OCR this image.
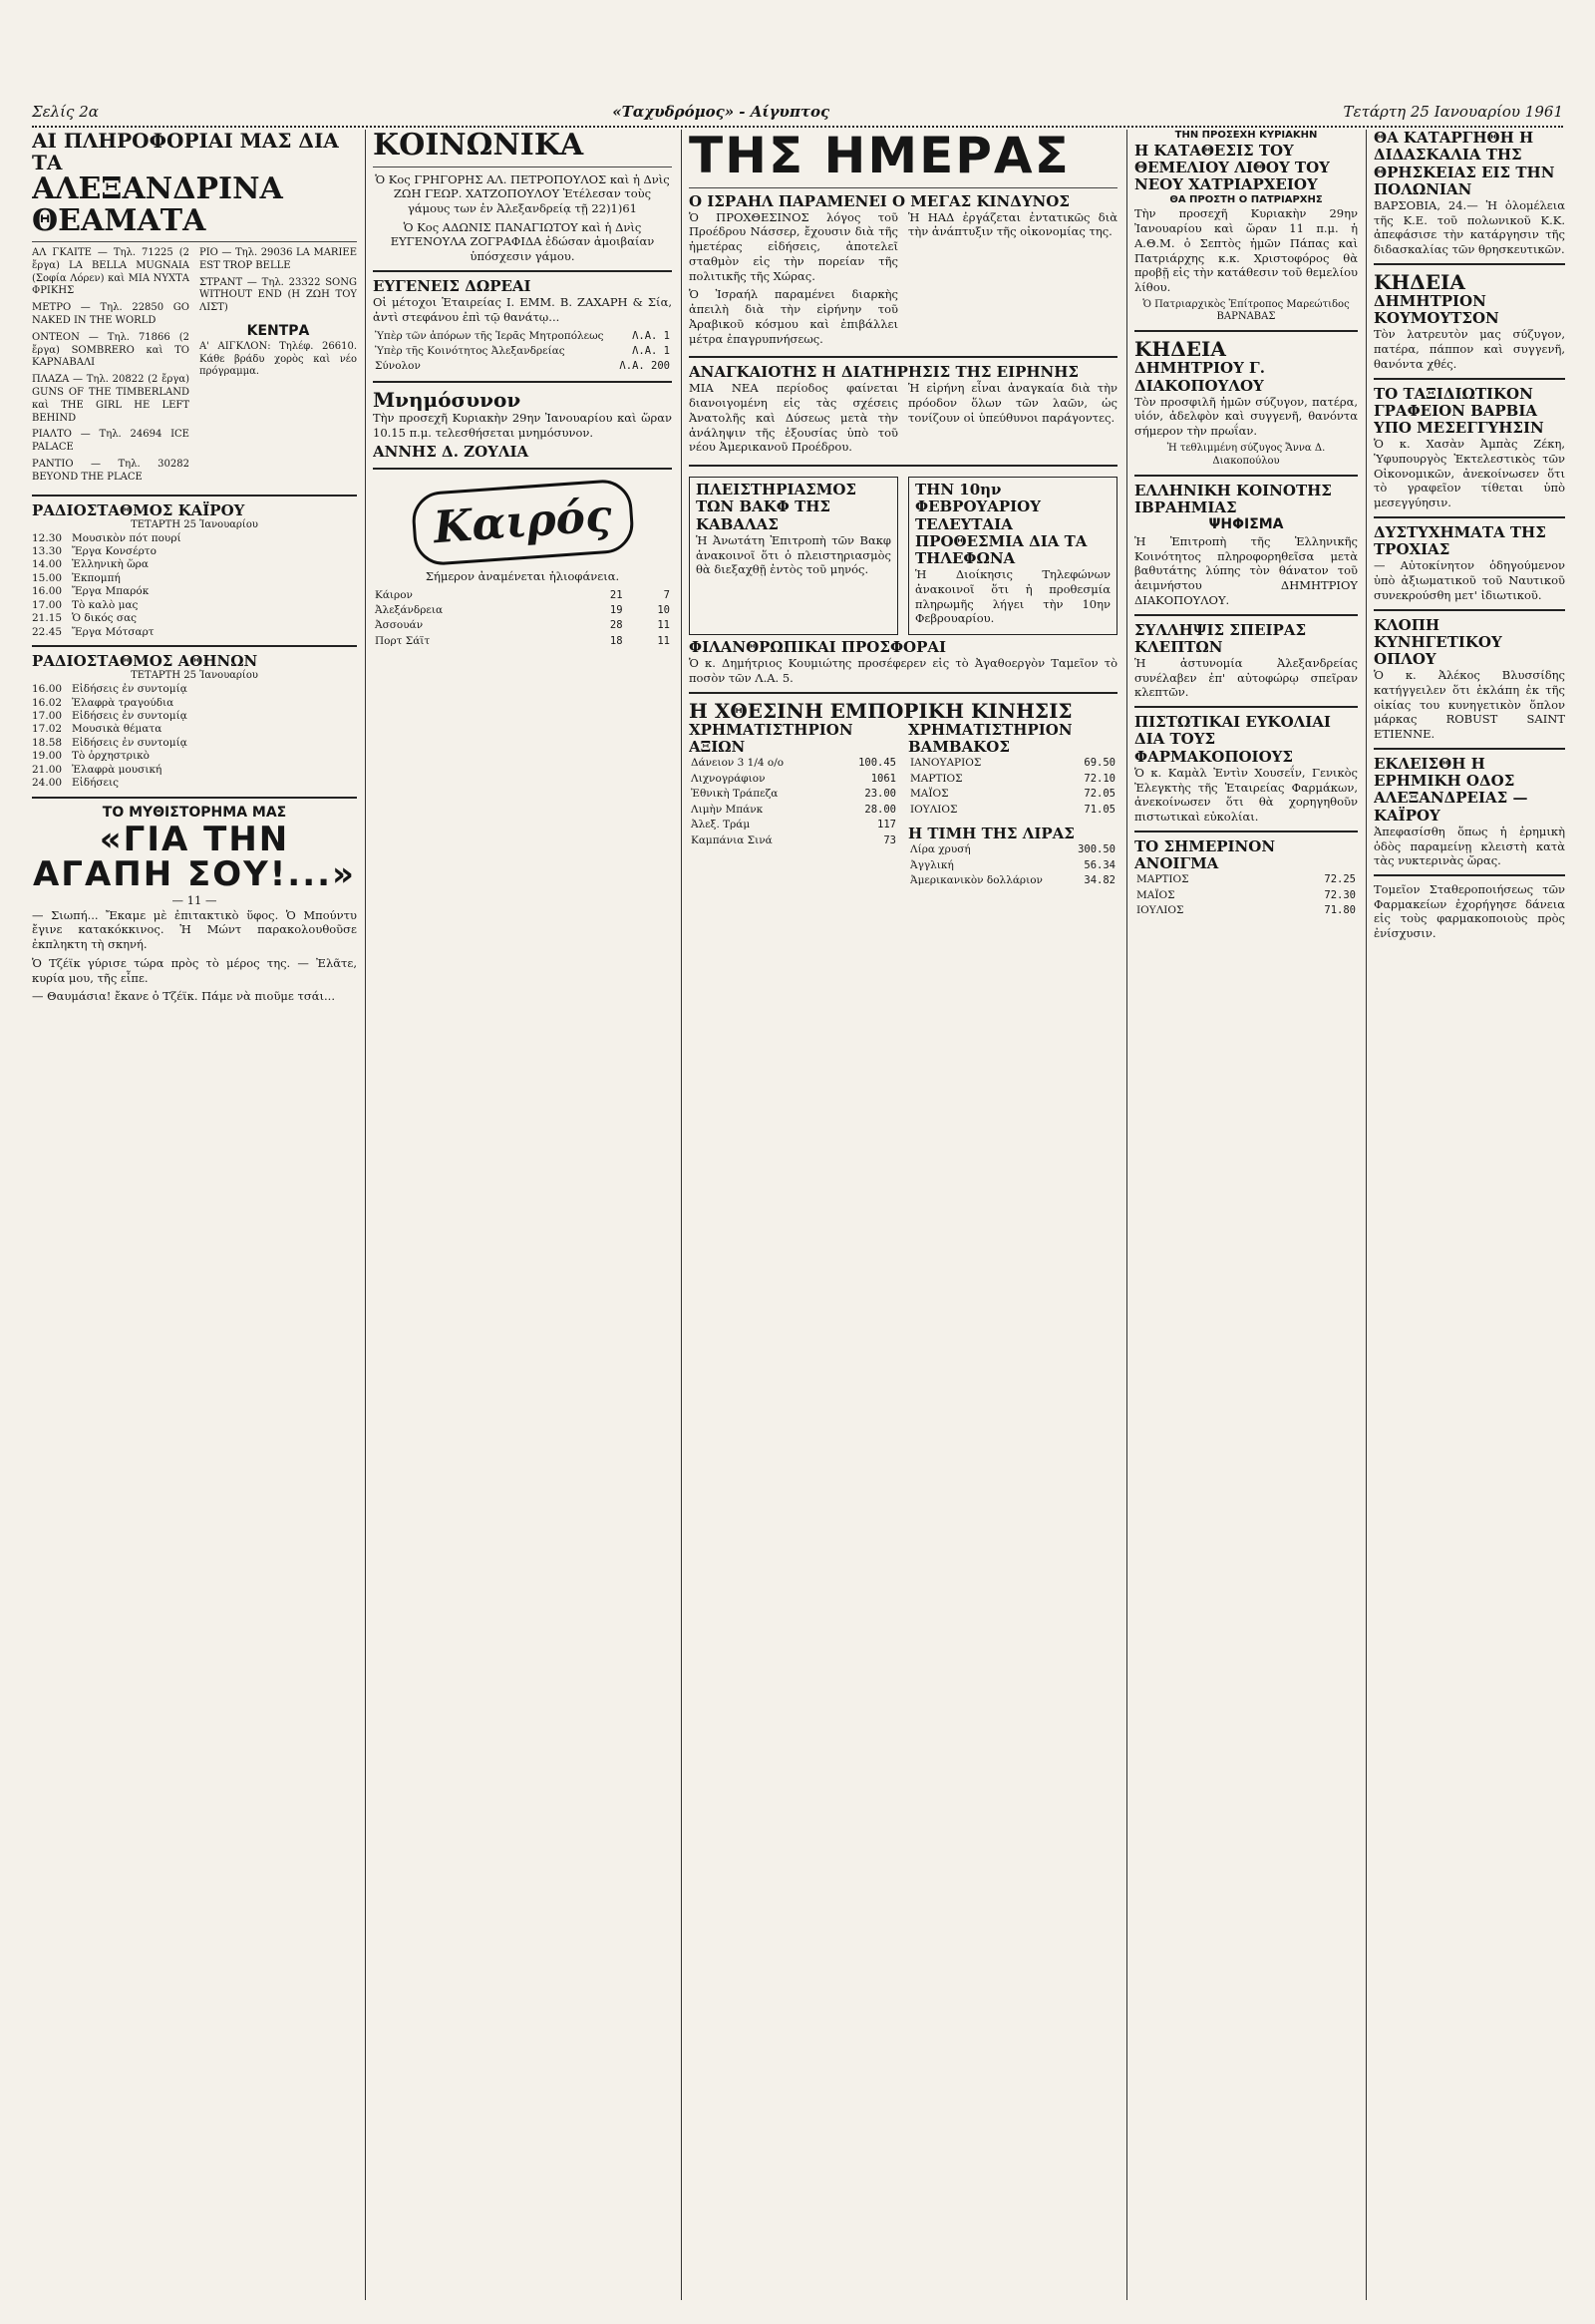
Σελίς 2α	«Ταχυδρόμος» - Αίγυπτος	Τετάρτη 25 Ιανουαρίου 1961
ΑΙ ΠΛΗΡΟΦΟΡΙΑΙ ΜΑΣ ΔΙΑ ΤΑ
ΑΛΕΞΑΝΔΡΙΝΑ ΘΕΑΜΑΤΑ

ΑΛ ΓΚΑΙΤΕ — Τηλ. 71225 (2 ἔργα) LA BELLA MUGNAIA (Σοφία Λόρεν) καὶ ΜΙΑ ΝΥΧΤΑ ΦΡΙΚΗΣ

ΜΕΤΡΟ — Τηλ. 22850 GO NAKED IN THE WORLD

ΟΝΤΕΟΝ — Τηλ. 71866 (2 ἔργα) SOMBRERO καὶ ΤΟ ΚΑΡΝΑΒΑΛΙ

ΠΛΑΖΑ — Τηλ. 20822 (2 ἔργα) GUNS OF THE TIMBERLAND καὶ THE GIRL HE LEFT BEHIND

ΡΙΑΛΤΟ — Τηλ. 24694 ICE PALACE

ΡΑΝΤΙΟ — Τηλ. 30282 BEYOND THE PLACE

ΡΙΟ — Τηλ. 29036 LA MARIEE EST TROP BELLE

ΣΤΡΑΝΤ — Τηλ. 23322 SONG WITHOUT END (Η ΖΩΗ ΤΟΥ ΛΙΣΤ)

ΚΕΝΤΡΑ

Α' ΑΙΓΚΛΟΝ: Τηλέφ. 26610. Κάθε βράδυ χορὸς καὶ νέο πρόγραμμα.

ΡΑΔΙΟΣΤΑΘΜΟΣ ΚΑΪΡΟΥ
ΤΕΤΑΡΤΗ 25 Ἰανουαρίου
12.30 Μουσικὸν πότ πουρί
13.30 Ἔργα Κονσέρτο
14.00 Ἑλληνικὴ ὥρα
15.00 Ἐκπομπή
16.00 Ἔργα Μπαρόκ
17.00 Τὸ καλὸ μας
21.15 Ὁ δικός σας
22.45 Ἔργα Μότσαρτ
ΡΑΔΙΟΣΤΑΘΜΟΣ ΑΘΗΝΩΝ
ΤΕΤΑΡΤΗ 25 Ἰανουαρίου
16.00 Εἰδήσεις ἐν συντομίᾳ
16.02 Ἐλαφρὰ τραγούδια
17.00 Εἰδήσεις ἐν συντομίᾳ
17.02 Μουσικὰ θέματα
18.58 Εἰδήσεις ἐν συντομίᾳ
19.00 Τὸ ὀρχηστρικὸ
21.00 Ἐλαφρὰ μουσική
24.00 Εἰδήσεις
ΤΟ ΜΥΘΙΣΤΟΡΗΜΑ ΜΑΣ
«ΓΙΑ ΤΗΝ ΑΓΑΠΗ ΣΟΥ!...»
— 11 —

— Σιωπή... Ἔκαμε μὲ ἐπιτακτικὸ ὕφος. Ὁ Μπούντυ ἔγινε κατακόκκινος. Ἡ Μώντ παρακολουθοῦσε ἐκπληκτη τὴ σκηνή.

Ὁ Τζέϊκ γύρισε τώρα πρὸς τὸ μέρος της. — Ἐλᾶτε, κυρία μου, τῆς εἶπε.

— Θαυμάσια! ἔκανε ὁ Τζέϊκ. Πάμε νὰ πιοῦμε τσάι...

ΚΟΙΝΩΝΙΚΑ

Ὁ Κος ΓΡΗΓΟΡΗΣ ΑΛ. ΠΕΤΡΟΠΟΥΛΟΣ καὶ ἡ Δνὶς ΖΩΗ ΓΕΩΡ. ΧΑΤΖΟΠΟΥΛΟΥ Ἐτέλεσαν τοὺς γάμους των ἐν Ἀλεξανδρείᾳ τῇ 22)1)61

Ὁ Κος ΑΔΩΝΙΣ ΠΑΝΑΓΙΩΤΟΥ καὶ ἡ Δνὶς ΕΥΓΕΝΟΥΛΑ ΖΟΓΡΑΦΙΔΑ ἐδώσαν ἀμοιβαίαν ὑπόσχεσιν γάμου.

ΕΥΓΕΝΕΙΣ ΔΩΡΕΑΙ

Οἱ μέτοχοι Ἑταιρείας Ι. ΕΜΜ. Β. ΖΑΧΑΡΗ & Σία, ἀντὶ στεφάνου ἐπὶ τῷ θανάτῳ...

Ὑπὲρ τῶν ἀπόρων τῆς Ἱερᾶς Μητροπόλεως	Λ.Α. 1
Ὑπὲρ τῆς Κοινότητος Ἀλεξανδρείας	Λ.Α. 1
Σύνολον	Λ.Α. 200
Μνημόσυνον

Τὴν προσεχῆ Κυριακὴν 29ην Ἰανουαρίου καὶ ὥραν 10.15 π.μ. τελεσθήσεται μνημόσυνον.

ΑΝΝΗΣ Δ. ΖΟΥΛΙΑ
Καιρός

Σήμερον ἀναμένεται ἡλιοφάνεια.

Κάιρον	21	7
Ἀλεξάνδρεια	19	10
Ἀσσουάν	28	11
Πορτ Σάϊτ	18	11
ΤΗΣ ΗΜΕΡΑΣ
Ο ΙΣΡΑΗΛ ΠΑΡΑΜΕΝΕΙ Ο ΜΕΓΑΣ ΚΙΝΔΥΝΟΣ

Ὁ ΠΡΟΧΘΕΣΙΝΟΣ λόγος τοῦ Προέδρου Νάσσερ, ἔχουσιν διὰ τῆς ἡμετέρας εἰδήσεις, ἀποτελεῖ σταθμὸν εἰς τὴν πορείαν τῆς πολιτικῆς τῆς Χώρας.

Ὁ Ἰσραήλ παραμένει διαρκὴς ἀπειλὴ διὰ τὴν εἰρήνην τοῦ Ἀραβικοῦ κόσμου καὶ ἐπιβάλλει μέτρα ἐπαγρυπνήσεως.

Ἡ ΗΑΔ ἐργάζεται ἐντατικῶς διὰ τὴν ἀνάπτυξιν τῆς οἰκονομίας της.

ΑΝΑΓΚΑΙΟΤΗΣ Η ΔΙΑΤΗΡΗΣΙΣ ΤΗΣ ΕΙΡΗΝΗΣ

ΜΙΑ ΝΕΑ περίοδος φαίνεται διανοιγομένη εἰς τὰς σχέσεις Ἀνατολῆς καὶ Δύσεως μετὰ τὴν ἀνάληψιν τῆς ἐξουσίας ὑπὸ τοῦ νέου Ἀμερικανοῦ Προέδρου.

Ἡ εἰρήνη εἶναι ἀναγκαία διὰ τὴν πρόοδον ὅλων τῶν λαῶν, ὡς τονίζουν οἱ ὑπεύθυνοι παράγοντες.

ΠΛΕΙΣΤΗΡΙΑΣΜΟΣ ΤΩΝ ΒΑΚΦ ΤΗΣ ΚΑΒΑΛΑΣ

Ἡ Ἀνωτάτη Ἐπιτροπὴ τῶν Βακφ ἀνακοινοῖ ὅτι ὁ πλειστηριασμὸς θὰ διεξαχθῇ ἐντὸς τοῦ μηνός.

ΤΗΝ 10ην ΦΕΒΡΟΥΑΡΙΟΥ ΤΕΛΕΥΤΑΙΑ ΠΡΟΘΕΣΜΙΑ ΔΙΑ ΤΑ ΤΗΛΕΦΩΝΑ

Ἡ Διοίκησις Τηλεφώνων ἀνακοινοῖ ὅτι ἡ προθεσμία πληρωμῆς λήγει τὴν 10ην Φεβρουαρίου.

ΦΙΛΑΝΘΡΩΠΙΚΑΙ ΠΡΟΣΦΟΡΑΙ

Ὁ κ. Δημήτριος Κουμιώτης προσέφερεν εἰς τὸ Ἀγαθοεργὸν Ταμεῖον τὸ ποσὸν τῶν Λ.Α. 5.

Η ΧΘΕΣΙΝΗ ΕΜΠΟΡΙΚΗ ΚΙΝΗΣΙΣ
ΧΡΗΜΑΤΙΣΤΗΡΙΟΝ ΑΞΙΩΝ
Δάνειον 3 1/4 ο/ο	100.45
Λιχνογράφιον	1061
Ἐθνικὴ Τράπεζα	23.00
Λιμὴν Μπάνκ	28.00
Ἀλεξ. Τράμ	117
Καμπάνια Σινά	73
ΧΡΗΜΑΤΙΣΤΗΡΙΟΝ ΒΑΜΒΑΚΟΣ
ΙΑΝΟΥΑΡΙΟΣ	69.50
ΜΑΡΤΙΟΣ	72.10
ΜΑΪΟΣ	72.05
ΙΟΥΛΙΟΣ	71.05
Η ΤΙΜΗ ΤΗΣ ΛΙΡΑΣ
Λίρα χρυσή	300.50
Ἀγγλική	56.34
Ἀμερικανικὸν δολλάριον	34.82
ΤΗΝ ΠΡΟΣΕΧΗ ΚΥΡΙΑΚΗΝ
Η ΚΑΤΑΘΕΣΙΣ ΤΟΥ ΘΕΜΕΛΙΟΥ ΛΙΘΟΥ ΤΟΥ ΝΕΟΥ ΧΑΤΡΙΑΡΧΕΙΟΥ
ΘΑ ΠΡΟΣΤΗ Ο ΠΑΤΡΙΑΡΧΗΣ

Τὴν προσεχῆ Κυριακὴν 29ην Ἰανουαρίου καὶ ὥραν 11 π.μ. ἡ Α.Θ.Μ. ὁ Σεπτὸς ἡμῶν Πάπας καὶ Πατριάρχης κ.κ. Χριστοφόρος θὰ προβῇ εἰς τὴν κατάθεσιν τοῦ θεμελίου λίθου.

Ὁ Πατριαρχικὸς Ἐπίτροπος Μαρεώτιδος ΒΑΡΝΑΒΑΣ

ΚΗΔΕΙΑ
ΔΗΜΗΤΡΙΟΥ Γ. ΔΙΑΚΟΠΟΥΛΟΥ

Τὸν προσφιλῆ ἡμῶν σύζυγον, πατέρα, υἱόν, ἀδελφὸν καὶ συγγενῆ, θανόντα σήμερον τὴν πρωΐαν.

Ἡ τεθλιμμένη σύζυγος Ἄννα Δ. Διακοπούλου

ΕΛΛΗΝΙΚΗ ΚΟΙΝΟΤΗΣ ΙΒΡΑΗΜΙΑΣ
ΨΗΦΙΣΜΑ

Ἡ Ἐπιτροπὴ τῆς Ἑλληνικῆς Κοινότητος πληροφορηθεῖσα μετὰ βαθυτάτης λύπης τὸν θάνατον τοῦ ἀειμνήστου ΔΗΜΗΤΡΙΟΥ ΔΙΑΚΟΠΟΥΛΟΥ.

ΣΥΛΛΗΨΙΣ ΣΠΕΙΡΑΣ ΚΛΕΠΤΩΝ

Ἡ ἀστυνομία Ἀλεξανδρείας συνέλαβεν ἐπ' αὐτοφώρῳ σπεῖραν κλεπτῶν.

ΠΙΣΤΩΤΙΚΑΙ ΕΥΚΟΛΙΑΙ ΔΙΑ ΤΟΥΣ ΦΑΡΜΑΚΟΠΟΙΟΥΣ

Ὁ κ. Καμὰλ Ἐντὶν Χουσεΐν, Γενικὸς Ἐλεγκτὴς τῆς Ἑταιρείας Φαρμάκων, ἀνεκοίνωσεν ὅτι θὰ χορηγηθοῦν πιστωτικαὶ εὐκολίαι.

ΤΟ ΣΗΜΕΡΙΝΟΝ ΑΝΟΙΓΜΑ
ΜΑΡΤΙΟΣ	72.25
ΜΑΪΟΣ	72.30
ΙΟΥΛΙΟΣ	71.80
ΘΑ ΚΑΤΑΡΓΗΘΗ Η ΔΙΔΑΣΚΑΛΙΑ ΤΗΣ ΘΡΗΣΚΕΙΑΣ ΕΙΣ ΤΗΝ ΠΟΛΩΝΙΑΝ

ΒΑΡΣΟΒΙΑ, 24.— Ἡ ὁλομέλεια τῆς Κ.Ε. τοῦ πολωνικοῦ Κ.Κ. ἀπεφάσισε τὴν κατάργησιν τῆς διδασκαλίας τῶν θρησκευτικῶν.

ΚΗΔΕΙΑ
ΔΗΜΗΤΡΙΟΝ ΚΟΥΜΟΥΤΣΟΝ

Τὸν λατρευτὸν μας σύζυγον, πατέρα, πάππον καὶ συγγενῆ, θανόντα χθές.

ΤΟ ΤΑΞΙΔΙΩΤΙΚΟΝ ΓΡΑΦΕΙΟΝ ΒΑΡΒΙΑ ΥΠΟ ΜΕΣΕΓΓΥΗΣΙΝ

Ὁ κ. Χασὰν Ἀμπὰς Ζέκη, Ὑφυπουργὸς Ἐκτελεστικὸς τῶν Οἰκονομικῶν, ἀνεκοίνωσεν ὅτι τὸ γραφεῖον τίθεται ὑπὸ μεσεγγύησιν.

ΔΥΣΤΥΧΗΜΑΤΑ ΤΗΣ ΤΡΟΧΙΑΣ

— Αὐτοκίνητον ὁδηγούμενον ὑπὸ ἀξιωματικοῦ τοῦ Ναυτικοῦ συνεκρούσθη μετ' ἰδιωτικοῦ.

ΚΛΟΠΗ ΚΥΝΗΓΕΤΙΚΟΥ ΟΠΛΟΥ

Ὁ κ. Ἀλέκος Βλυσσίδης κατήγγειλεν ὅτι ἐκλάπη ἐκ τῆς οἰκίας του κυνηγετικὸν ὅπλον μάρκας ROBUST SAINT ETIENNE.

ΕΚΛΕΙΣΘΗ Η ΕΡΗΜΙΚΗ ΟΔΟΣ ΑΛΕΞΑΝΔΡΕΙΑΣ — ΚΑΪΡΟΥ

Ἀπεφασίσθη ὅπως ἡ ἐρημικὴ ὁδὸς παραμείνῃ κλειστὴ κατὰ τὰς νυκτερινὰς ὥρας.

Τομεῖον Σταθεροποιήσεως τῶν Φαρμακείων ἐχορήγησε δάνεια εἰς τοὺς φαρμακοποιοὺς πρὸς ἐνίσχυσιν.
